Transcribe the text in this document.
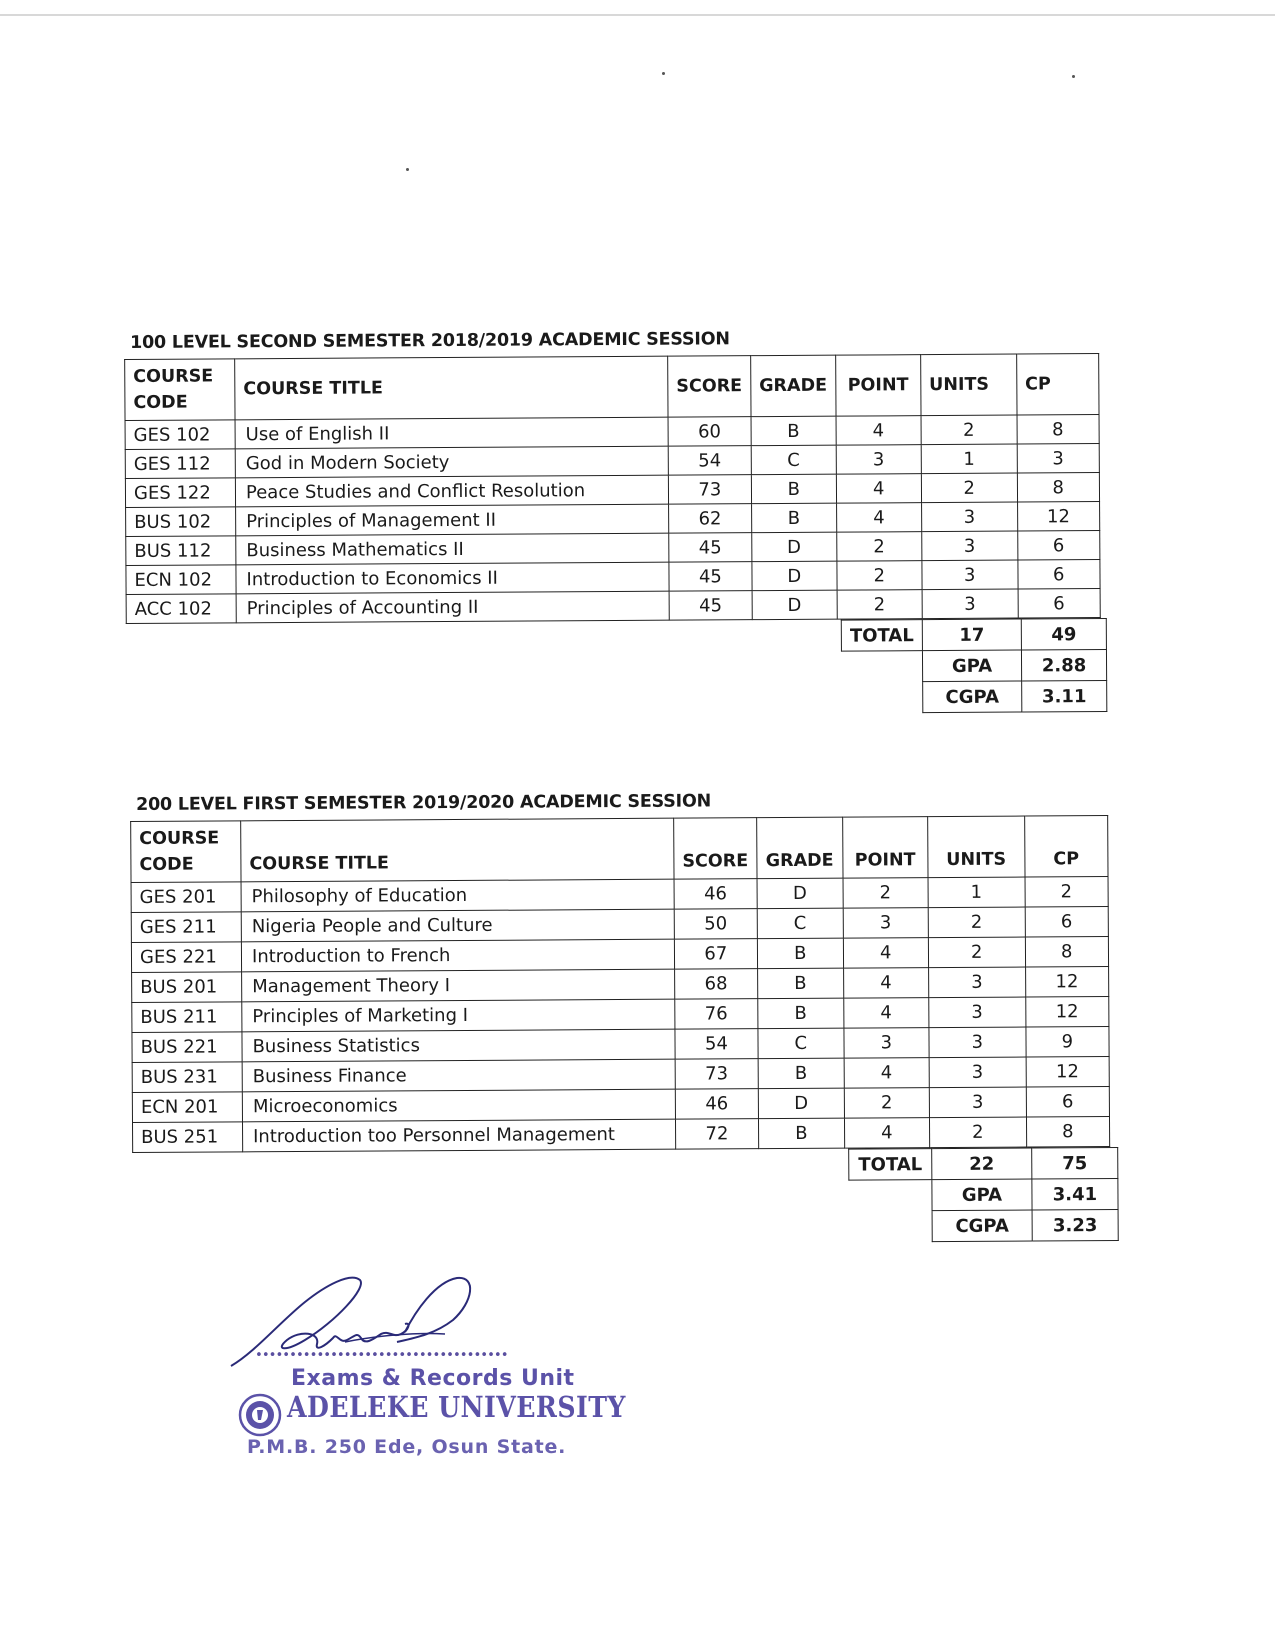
100 LEVEL SECOND SEMESTER 2018/2019 ACADEMIC SESSION
COURSE
CODE	COURSE TITLE	SCORE	GRADE	POINT	UNITS	CP
GES 102	Use of English II	60	B	4	2	8
GES 112	God in Modern Society	54	C	3	1	3
GES 122	Peace Studies and Conflict Resolution	73	B	4	2	8
BUS 102	Principles of Management II	62	B	4	3	12
BUS 112	Business Mathematics II	45	D	2	3	6
ECN 102	Introduction to Economics II	45	D	2	3	6
ACC 102	Principles of Accounting II	45	D	2	3	6
TOTAL	17	49
	GPA	2.88
	CGPA	3.11
200 LEVEL FIRST SEMESTER 2019/2020 ACADEMIC SESSION
COURSE
CODE	COURSE TITLE	SCORE	GRADE	POINT	UNITS	CP
GES 201	Philosophy of Education	46	D	2	1	2
GES 211	Nigeria People and Culture	50	C	3	2	6
GES 221	Introduction to French	67	B	4	2	8
BUS 201	Management Theory I	68	B	4	3	12
BUS 211	Principles of Marketing I	76	B	4	3	12
BUS 221	Business Statistics	54	C	3	3	9
BUS 231	Business Finance	73	B	4	3	12
ECN 201	Microeconomics	46	D	2	3	6
BUS 251	Introduction too Personnel Management	72	B	4	2	8
TOTAL	22	75
	GPA	3.41
	CGPA	3.23
•••••••••••••••••••••••••••••••••••••
Exams & Records Unit
ADELEKE UNIVERSITY
P.M.B. 250 Ede, Osun State.
